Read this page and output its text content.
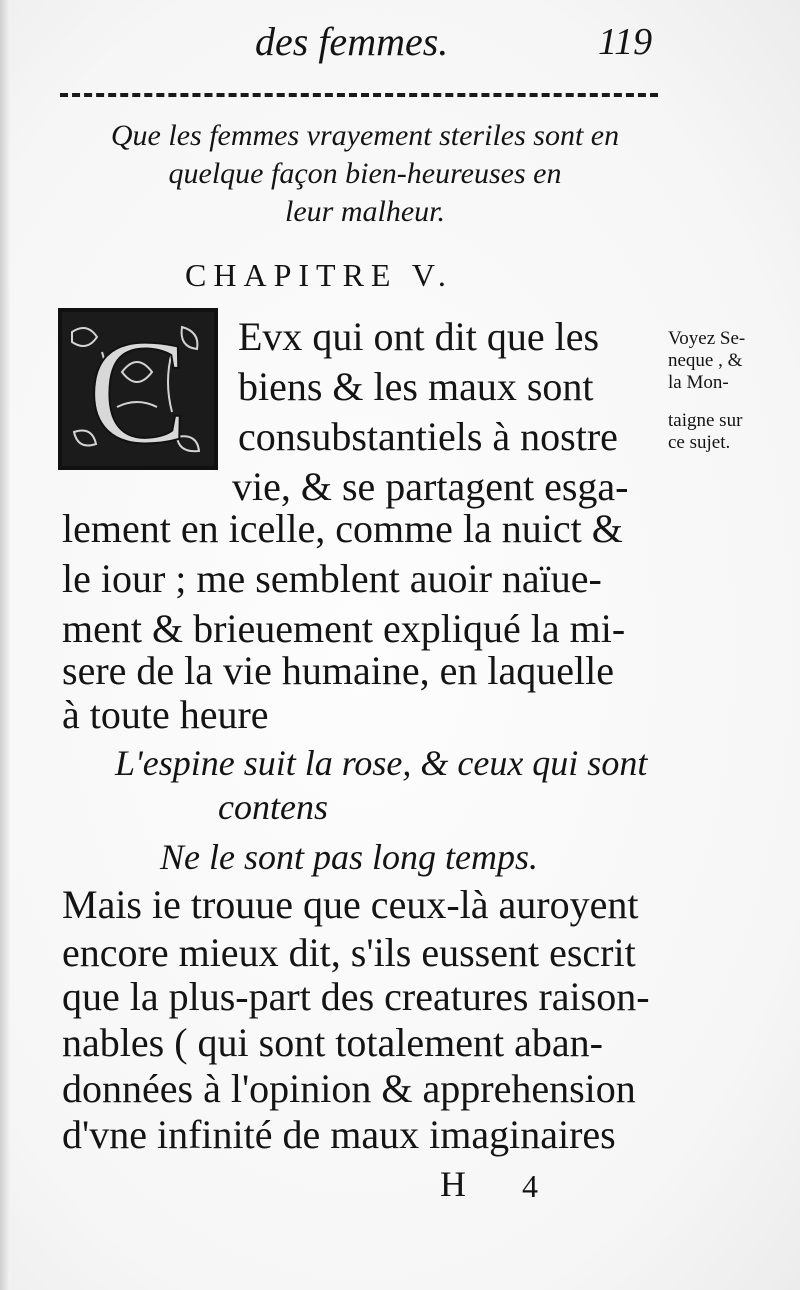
des femmes.	119
Que les femmes vrayement steriles sont en
quelque façon bien-heureuses en
leur malheur.
CHAPITRE V.
C Evx qui ont dit que les
biens & les maux sont
consubstantiels à nostre
vie, & se partagent esga-
lement en icelle, comme la nuict &
le iour ; me semblent auoir naïue-
ment & brieuement expliqué la mi-
sere de la vie humaine, en laquelle
à toute heure
L'espine suit la rose, & ceux qui sont
contens
Ne le sont pas long temps.
Mais ie trouue que ceux-là auroyent
encore mieux dit, s'ils eussent escrit
que la plus-part des creatures raison-
nables ( qui sont totalement aban-
données à l'opinion & apprehension
d'vne infinité de maux imaginaires
Voyez Se-
neque , &
la Mon-
taigne sur
ce sujet.
H 4
